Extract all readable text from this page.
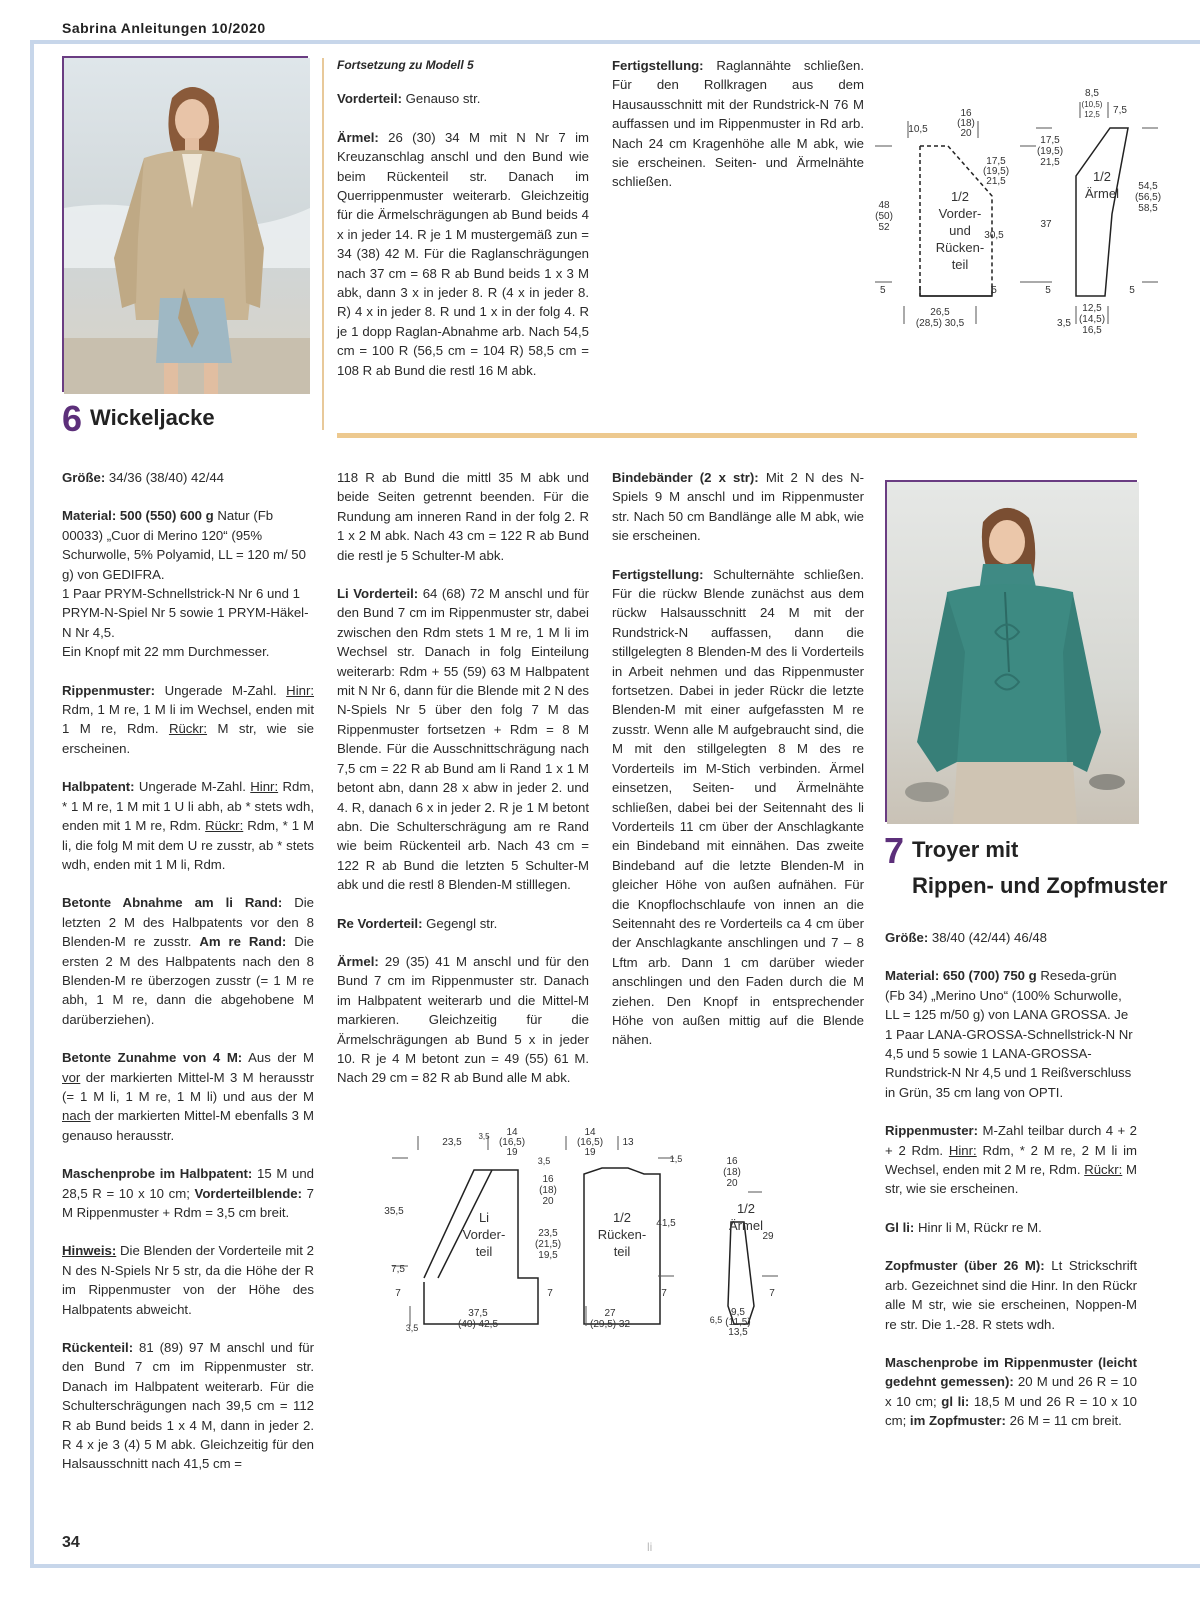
Sabrina Anleitungen 10/2020
6 Wickeljacke

Fortsetzung zu Modell 5

Vorderteil: Genauso str.

Ärmel: 26 (30) 34 M mit N Nr 7 im Kreuzanschlag anschl und den Bund wie beim Rückenteil str. Danach im Querrippenmuster weiterarb. Gleichzeitig für die Ärmelschrägungen ab Bund beids 4 x in jeder 14. R je 1 M mustergemäß zun = 34 (38) 42 M. Für die Raglanschrägungen nach 37 cm = 68 R ab Bund beids 1 x 3 M abk, dann 3 x in jeder 8. R (4 x in jeder 8. R) 4 x in jeder 8. R und 1 x in der folg 4. R je 1 dopp Raglan-Abnahme arb. Nach 54,5 cm = 100 R (56,5 cm = 104 R) 58,5 cm = 108 R ab Bund die restl 16 M abk.

Fertigstellung: Raglannähte schließen. Für den Rollkragen aus dem Hausausschnitt mit der Rundstrick-N 76 M auffassen und im Rippenmuster in Rd arb. Nach 24 cm Kragenhöhe alle M abk, wie sie erscheinen. Seiten- und Ärmelnähte schließen.

1/2
Vorder-
und
Rücken-
teil
1/2
Ärmel
10,5
16
(18)
20
17,5
(19,5)
21,5
48
(50)
52
30,5
5	5
26,5
(28,5) 30,5
8,5
(10,5)
12,5 7,5
17,5
(19,5)
21,5
37
54,5
(56,5)
58,5
5	5
3,5
12,5
(14,5)
16,5

Größe: 34/36 (38/40) 42/44

Material: 500 (550) 600 g Natur (Fb 00033) „Cuor di Merino 120“ (95% Schurwolle, 5% Polyamid, LL = 120 m/ 50 g) von GEDIFRA.
1 Paar PRYM-Schnellstrick-N Nr 6 und 1 PRYM-N-Spiel Nr 5 sowie 1 PRYM-Häkel-N Nr 4,5.
Ein Knopf mit 22 mm Durchmesser.

Rippenmuster: Ungerade M-Zahl. Hinr: Rdm, 1 M re, 1 M li im Wechsel, enden mit 1 M re, Rdm. Rückr: M str, wie sie erscheinen.

Halbpatent: Ungerade M-Zahl. Hinr: Rdm, * 1 M re, 1 M mit 1 U li abh, ab * stets wdh, enden mit 1 M re, Rdm. Rückr: Rdm, * 1 M li, die folg M mit dem U re zusstr, ab * stets wdh, enden mit 1 M li, Rdm.

Betonte Abnahme am li Rand: Die letzten 2 M des Halbpatents vor den 8 Blenden-M re zusstr. Am re Rand: Die ersten 2 M des Halbpatents nach den 8 Blenden-M re überzogen zusstr (= 1 M re abh, 1 M re, dann die abgehobene M darüberziehen).

Betonte Zunahme von 4 M: Aus der M vor der markierten Mittel-M 3 M herausstr (= 1 M li, 1 M re, 1 M li) und aus der M nach der markierten Mittel-M ebenfalls 3 M genauso herausstr.

Maschenprobe im Halbpatent: 15 M und 28,5 R = 10 x 10 cm; Vorderteilblende: 7 M Rippenmuster + Rdm = 3,5 cm breit.

Hinweis: Die Blenden der Vorderteile mit 2 N des N-Spiels Nr 5 str, da die Höhe der R im Rippenmuster von der Höhe des Halbpatents abweicht.

Rückenteil: 81 (89) 97 M anschl und für den Bund 7 cm im Rippenmuster str. Danach im Halbpatent weiterarb. Für die Schulterschrägungen nach 39,5 cm = 112 R ab Bund beids 1 x 4 M, dann in jeder 2. R 4 x je 3 (4) 5 M abk. Gleichzeitig für den Halsausschnitt nach 41,5 cm =

118 R ab Bund die mittl 35 M abk und beide Seiten getrennt beenden. Für die Rundung am inneren Rand in der folg 2. R 1 x 2 M abk. Nach 43 cm = 122 R ab Bund die restl je 5 Schulter-M abk.

Li Vorderteil: 64 (68) 72 M anschl und für den Bund 7 cm im Rippenmuster str, dabei zwischen den Rdm stets 1 M re, 1 M li im Wechsel str. Danach in folg Einteilung weiterarb: Rdm + 55 (59) 63 M Halbpatent mit N Nr 6, dann für die Blende mit 2 N des N-Spiels Nr 5 über den folg 7 M das Rippenmuster fortsetzen + Rdm = 8 M Blende. Für die Ausschnittschrägung nach 7,5 cm = 22 R ab Bund am li Rand 1 x 1 M betont abn, dann 28 x abw in jeder 2. und 4. R, danach 6 x in jeder 2. R je 1 M betont abn. Die Schulterschrägung am re Rand wie beim Rückenteil arb. Nach 43 cm = 122 R ab Bund die letzten 5 Schulter-M abk und die restl 8 Blenden-M stilllegen.

Re Vorderteil: Gegengl str.

Ärmel: 29 (35) 41 M anschl und für den Bund 7 cm im Rippenmuster str. Danach im Halbpatent weiterarb und die Mittel-M markieren. Gleichzeitig für die Ärmelschrägungen ab Bund 5 x in jeder 10. R je 4 M betont zun = 49 (55) 61 M. Nach 29 cm = 82 R ab Bund alle M abk.

Bindebänder (2 x str): Mit 2 N des N-Spiels 9 M anschl und im Rippenmuster str. Nach 50 cm Bandlänge alle M abk, wie sie erscheinen.

Fertigstellung: Schulternähte schließen. Für die rückw Blende zunächst aus dem rückw Halsausschnitt 24 M mit der Rundstrick-N auffassen, dann die stillgelegten 8 Blenden-M des li Vorderteils in Arbeit nehmen und das Rippenmuster fortsetzen. Dabei in jeder Rückr die letzte Blenden-M mit einer aufgefassten M re zusstr. Wenn alle M aufgebraucht sind, die M mit den stillgelegten 8 M des re Vorderteils im M-Stich verbinden. Ärmel einsetzen, Seiten- und Ärmelnähte schließen, dabei bei der Seitennaht des li Vorderteils 11 cm über der Anschlagkante ein Bindeband mit einnähen. Das zweite Bindeband auf die letzte Blenden-M in gleicher Höhe von außen aufnähen. Für die Knopflochschlaufe von innen an die Seitennaht des re Vorderteils ca 4 cm über der Anschlagkante anschlingen und 7 – 8 Lftm arb. Dann 1 cm darüber wieder anschlingen und den Faden durch die M ziehen. Den Knopf in entsprechender Höhe von außen mittig auf die Blende nähen.

Li
Vorder-
teil
1/2
Rücken-
teil
1/2
Ärmel
3,5 14
(16,5)
19
23,5
14
(16,5)
19
13
3,5	1,5
16
(18)
20
23,5
(21,5)
19,5
35,5
41,5
7,5
7	7	7	7
37,5
(40) 42,5
3,5
27
(29,5) 32
16
(18)
20
29
9,5
(11,5)
13,5
6,5
7 Troyer mit
Rippen- und Zopfmuster

Größe: 38/40 (42/44) 46/48

Material: 650 (700) 750 g Reseda-grün (Fb 34) „Merino Uno“ (100% Schurwolle, LL = 125 m/50 g) von LANA GROSSA. Je 1 Paar LANA-GROSSA-Schnellstrick-N Nr 4,5 und 5 sowie 1 LANA-GROSSA-Rundstrick-N Nr 4,5 und 1 Reißverschluss in Grün, 35 cm lang von OPTI.

Rippenmuster: M-Zahl teilbar durch 4 + 2 + 2 Rdm. Hinr: Rdm, * 2 M re, 2 M li im Wechsel, enden mit 2 M re, Rdm. Rückr: M str, wie sie erscheinen.

Gl li: Hinr li M, Rückr re M.

Zopfmuster (über 26 M): Lt Strickschrift arb. Gezeichnet sind die Hinr. In den Rückr alle M str, wie sie erscheinen, Noppen-M re str. Die 1.-28. R stets wdh.

Maschenprobe im Rippenmuster (leicht gedehnt gemessen): 20 M und 26 R = 10 x 10 cm; gl li: 18,5 M und 26 R = 10 x 10 cm; im Zopfmuster: 26 M = 11 cm breit.

34	li
